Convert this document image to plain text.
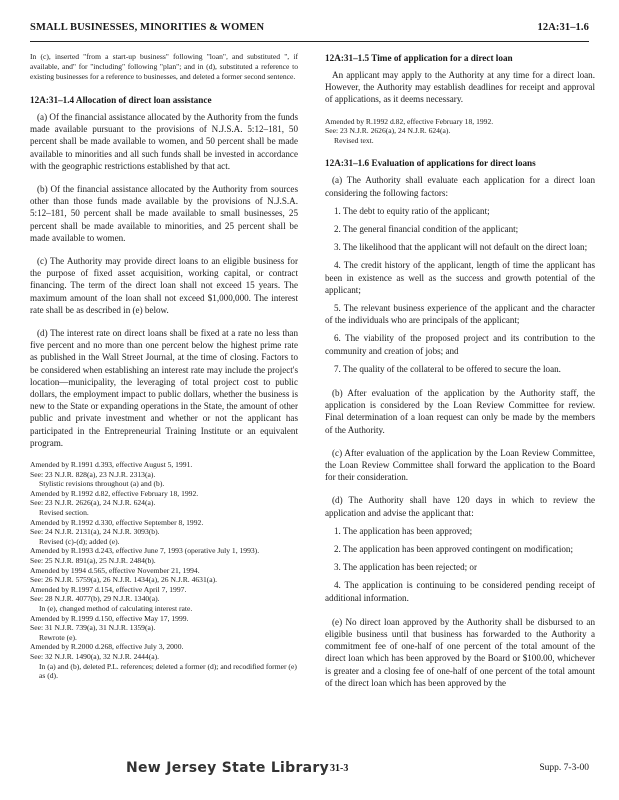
SMALL BUSINESSES, MINORITIES & WOMEN	12A:31–1.6

In (c), inserted "from a start-up business" following "loan", and substituted ", if available, and" for "including" following "plan"; and in (d), substituted a reference to existing businesses for a reference to businesses, and deleted a former second sentence.

12A:31–1.4 Allocation of direct loan assistance

(a) Of the financial assistance allocated by the Authority from the funds made available pursuant to the provisions of N.J.S.A. 5:12–181, 50 percent shall be made available to women, and 50 percent shall be made available to minorities and all such funds shall be invested in accordance with the geographic restrictions established by that act.

(b) Of the financial assistance allocated by the Authority from sources other than those funds made available by the provisions of N.J.S.A. 5:12–181, 50 percent shall be made available to small businesses, 25 percent shall be made available to minorities, and 25 percent shall be made available to women.

(c) The Authority may provide direct loans to an eligible business for the purpose of fixed asset acquisition, working capital, or contract financing. The term of the direct loan shall not exceed 15 years. The maximum amount of the loan shall not exceed $1,000,000. The interest rate shall be as described in (e) below.

(d) The interest rate on direct loans shall be fixed at a rate no less than five percent and no more than one percent below the highest prime rate as published in the Wall Street Journal, at the time of closing. Factors to be considered when establishing an interest rate may include the project's location—municipality, the leveraging of total project cost to public dollars, the employment impact to public dollars, whether the business is new to the State or expanding operations in the State, the amount of other public and private investment and whether or not the applicant has participated in the Entrepreneurial Training Institute or an equivalent program.

Amended by R.1991 d.393, effective August 5, 1991.

See: 23 N.J.R. 828(a), 23 N.J.R. 2313(a).

Stylistic revisions throughout (a) and (b).

Amended by R.1992 d.82, effective February 18, 1992.

See: 23 N.J.R. 2626(a), 24 N.J.R. 624(a).

Revised section.

Amended by R.1992 d.330, effective September 8, 1992.

See: 24 N.J.R. 2131(a), 24 N.J.R. 3093(b).

Revised (c)-(d); added (e).

Amended by R.1993 d.243, effective June 7, 1993 (operative July 1, 1993).

See: 25 N.J.R. 891(a), 25 N.J.R. 2484(b).

Amended by 1994 d.565, effective November 21, 1994.

See: 26 N.J.R. 5759(a), 26 N.J.R. 1434(a), 26 N.J.R. 4631(a).

Amended by R.1997 d.154, effective April 7, 1997.

See: 28 N.J.R. 4077(b), 29 N.J.R. 1340(a).

In (e), changed method of calculating interest rate.

Amended by R.1999 d.150, effective May 17, 1999.

See: 31 N.J.R. 739(a), 31 N.J.R. 1359(a).

Rewrote (e).

Amended by R.2000 d.268, effective July 3, 2000.

See: 32 N.J.R. 1490(a), 32 N.J.R. 2444(a).

In (a) and (b), deleted P.L. references; deleted a former (d); and recodified former (e) as (d).

12A:31–1.5 Time of application for a direct loan

An applicant may apply to the Authority at any time for a direct loan. However, the Authority may establish deadlines for receipt and approval of applications, as it deems necessary.

Amended by R.1992 d.82, effective February 18, 1992.

See: 23 N.J.R. 2626(a), 24 N.J.R. 624(a).

Revised text.

12A:31–1.6 Evaluation of applications for direct loans

(a) The Authority shall evaluate each application for a direct loan considering the following factors:

1. The debt to equity ratio of the applicant;

2. The general financial condition of the applicant;

3. The likelihood that the applicant will not default on the direct loan;

4. The credit history of the applicant, length of time the applicant has been in existence as well as the success and growth potential of the applicant;

5. The relevant business experience of the applicant and the character of the individuals who are principals of the applicant;

6. The viability of the proposed project and its contribution to the community and creation of jobs; and

7. The quality of the collateral to be offered to secure the loan.

(b) After evaluation of the application by the Authority staff, the application is considered by the Loan Review Committee for review. Final determination of a loan request can only be made by the members of the Authority.

(c) After evaluation of the application by the Loan Review Committee, the Loan Review Committee shall forward the application to the Board for their consideration.

(d) The Authority shall have 120 days in which to review the application and advise the applicant that:

1. The application has been approved;

2. The application has been approved contingent on modification;

3. The application has been rejected; or

4. The application is continuing to be considered pending receipt of additional information.

(e) No direct loan approved by the Authority shall be disbursed to an eligible business until that business has forwarded to the Authority a commitment fee of one-half of one percent of the total amount of the direct loan which has been approved by the Board or $100.00, whichever is greater and a closing fee of one-half of one percent of the total amount of the direct loan which has been approved by the

New Jersey State Library 31-3	Supp. 7-3-00
